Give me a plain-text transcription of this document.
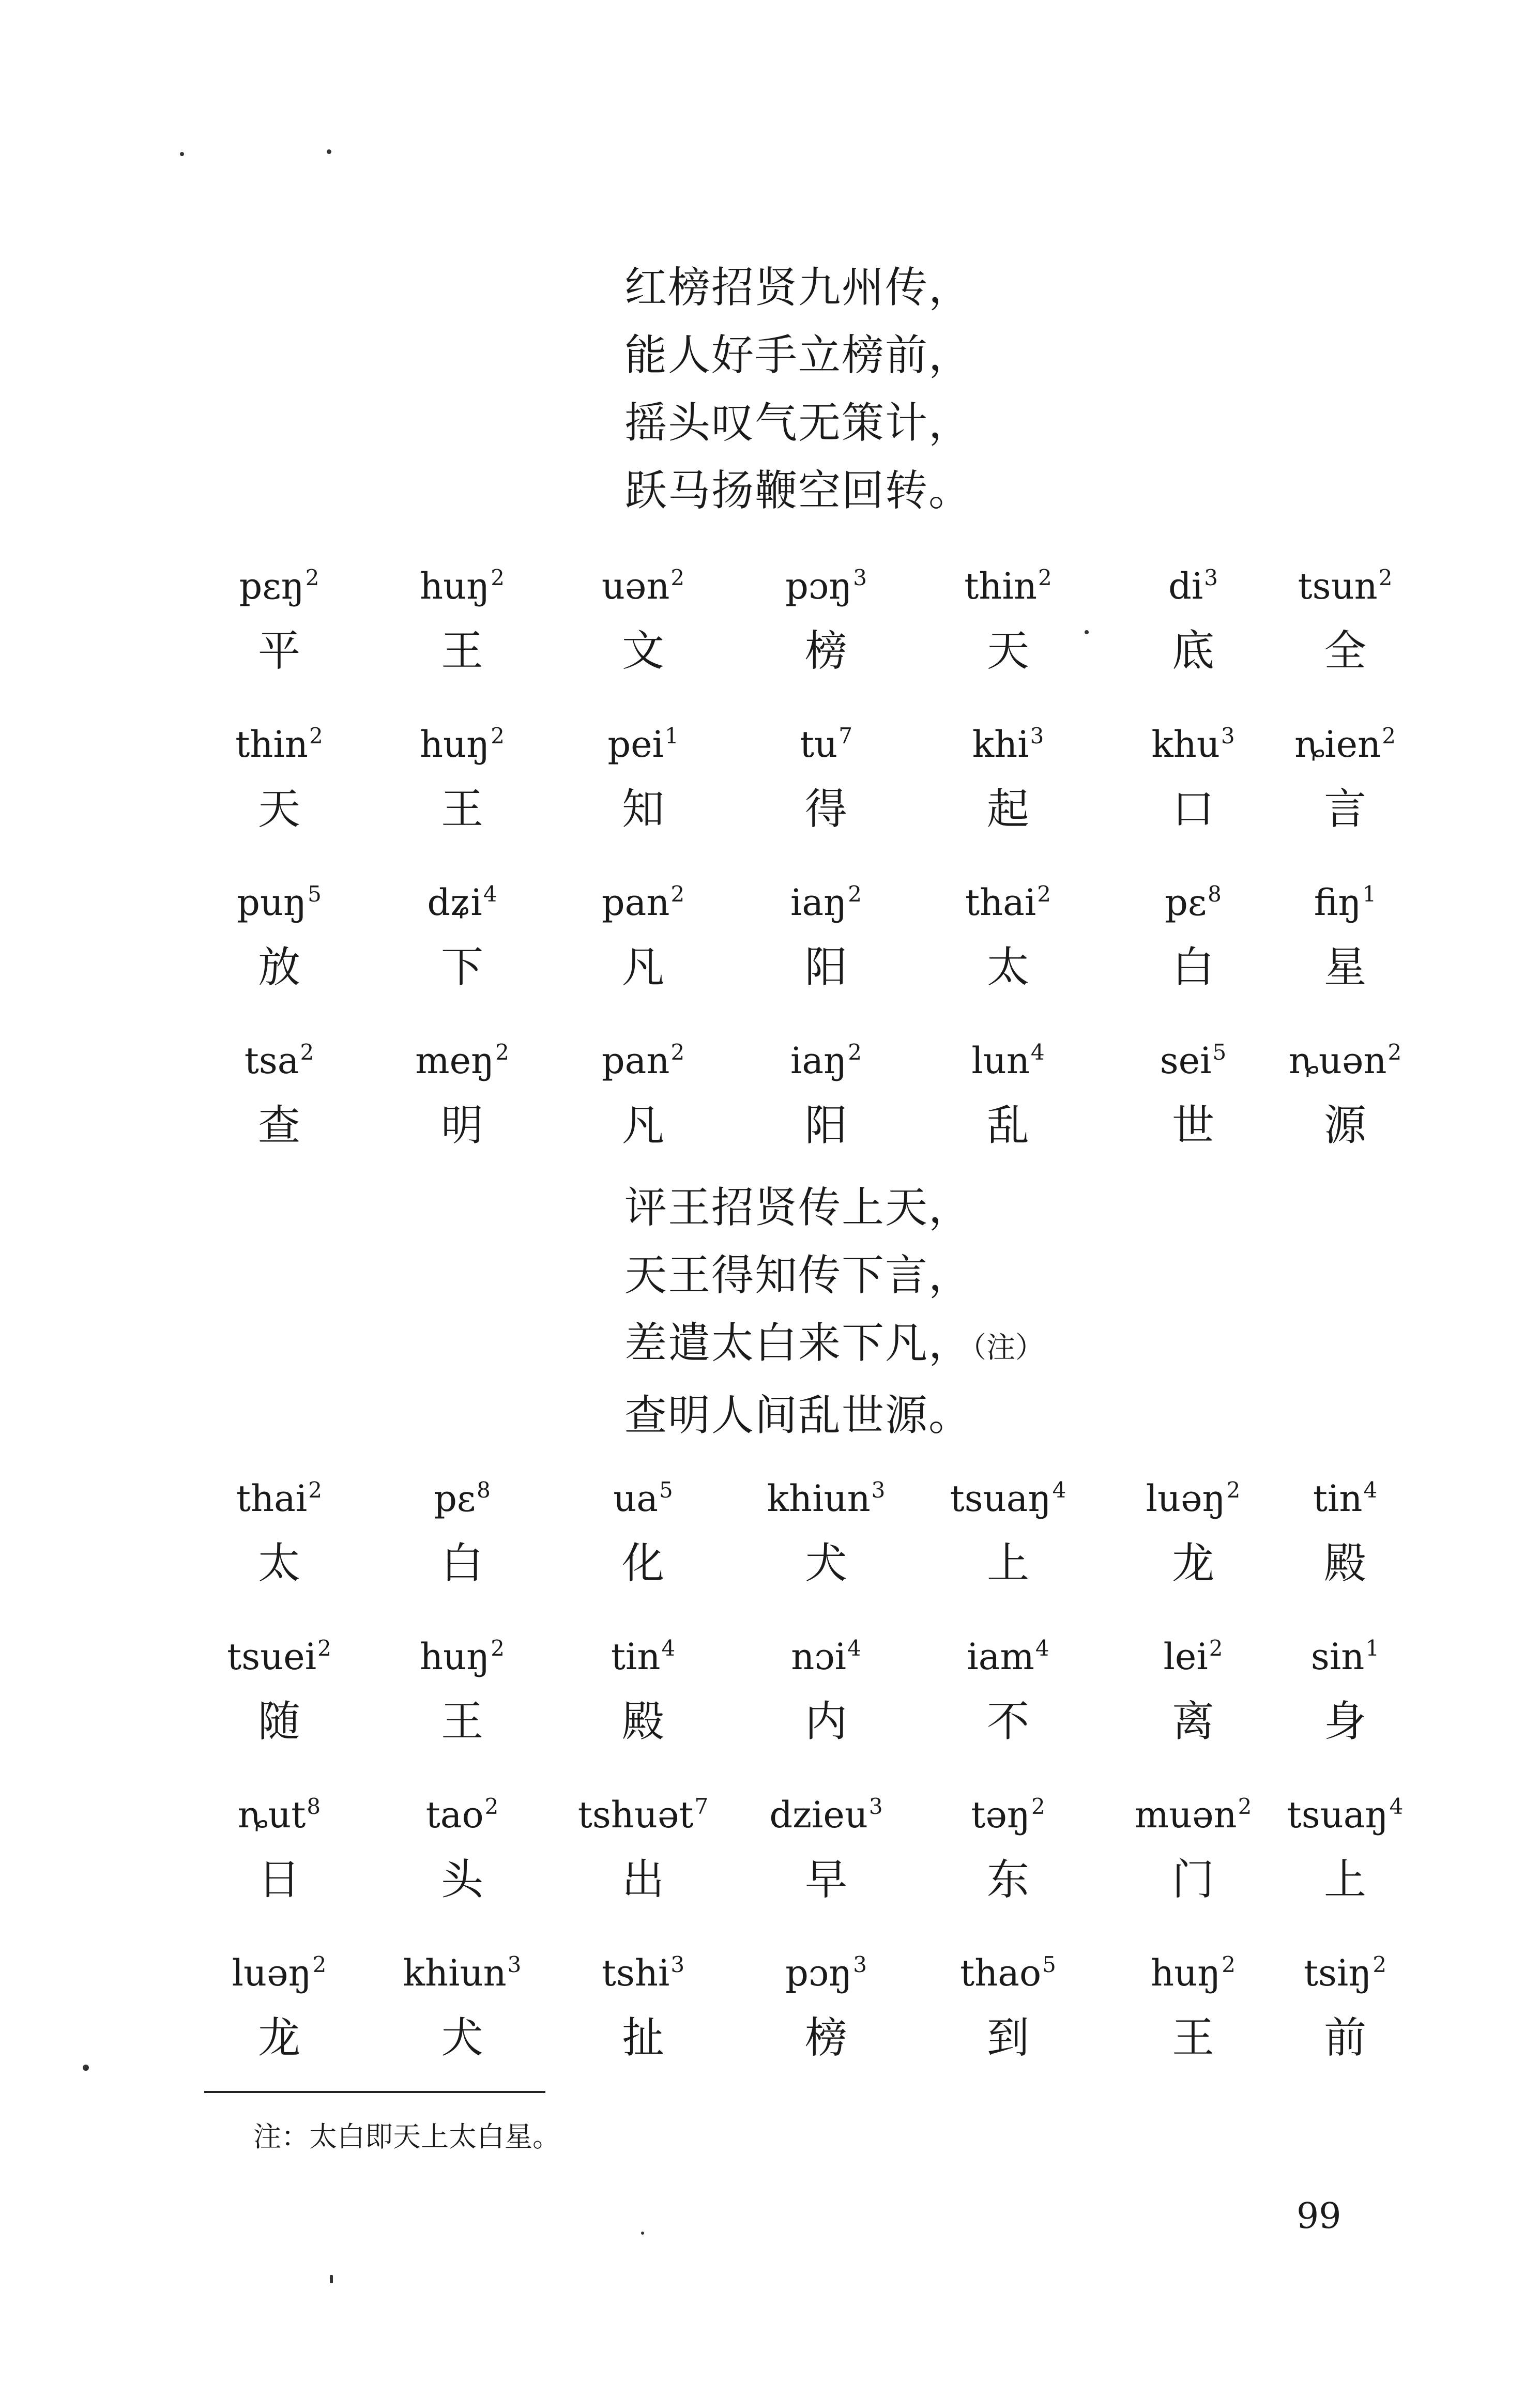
红榜招贤九州传，
能人好手立榜前，
摇头叹气无策计，
跃马扬鞭空回转。
pɛŋ$^2$
平
huŋ$^2$
王
uən$^2$
文
pɔŋ$^3$
榜
thin$^2$
天
$di^3$
底
tsun$^2$
全
thin$^2$
天
huŋ$^2$
王
pei$^1$
知
$tu^7$
得
khi$^3$
起
khu$^3$
口
ȵien$^2$
言
puŋ$^5$
放
dʑi$^4$
下
pan$^2$
凡
iaŋ$^2$
阳
thai$^2$
太
pɛ$^8$
白
fiŋ$^1$
星
tsa$^2$
查
meŋ$^2$
明
pan$^2$
凡
iaŋ$^2$
阳
lun$^4$
乱
sei$^5$
世
ȵuən$^2$
源
评王招贤传上天，
天王得知传下言，
差遣太白来下凡，（注）
查明人间乱世源。
thai$^2$
太
pɛ$^8$
白
$ua^5$
化
khiun$^3$
犬
tsuaŋ$^4$
上
luəŋ$^2$
龙
tin$^4$
殿
tsuei$^2$
随
huŋ$^2$
王
tin$^4$
殿
nɔi$^4$
内
iam$^4$
不
lei$^2$
离
$\sin^1$
身
ȵut$^8$
日
tao$^2$
头
tshuət$^7$
出
dzieu$^3$
早
təŋ$^2$
东
muən$^2$
门
tsuaŋ$^4$
上
luəŋ$^2$
龙
khiun$^3$
犬
tshi$^3$
扯
pɔŋ$^3$
榜
thao$^5$
到
huŋ$^2$
王
tsiŋ$^2$
前
注：太白即天上太白星。
99
